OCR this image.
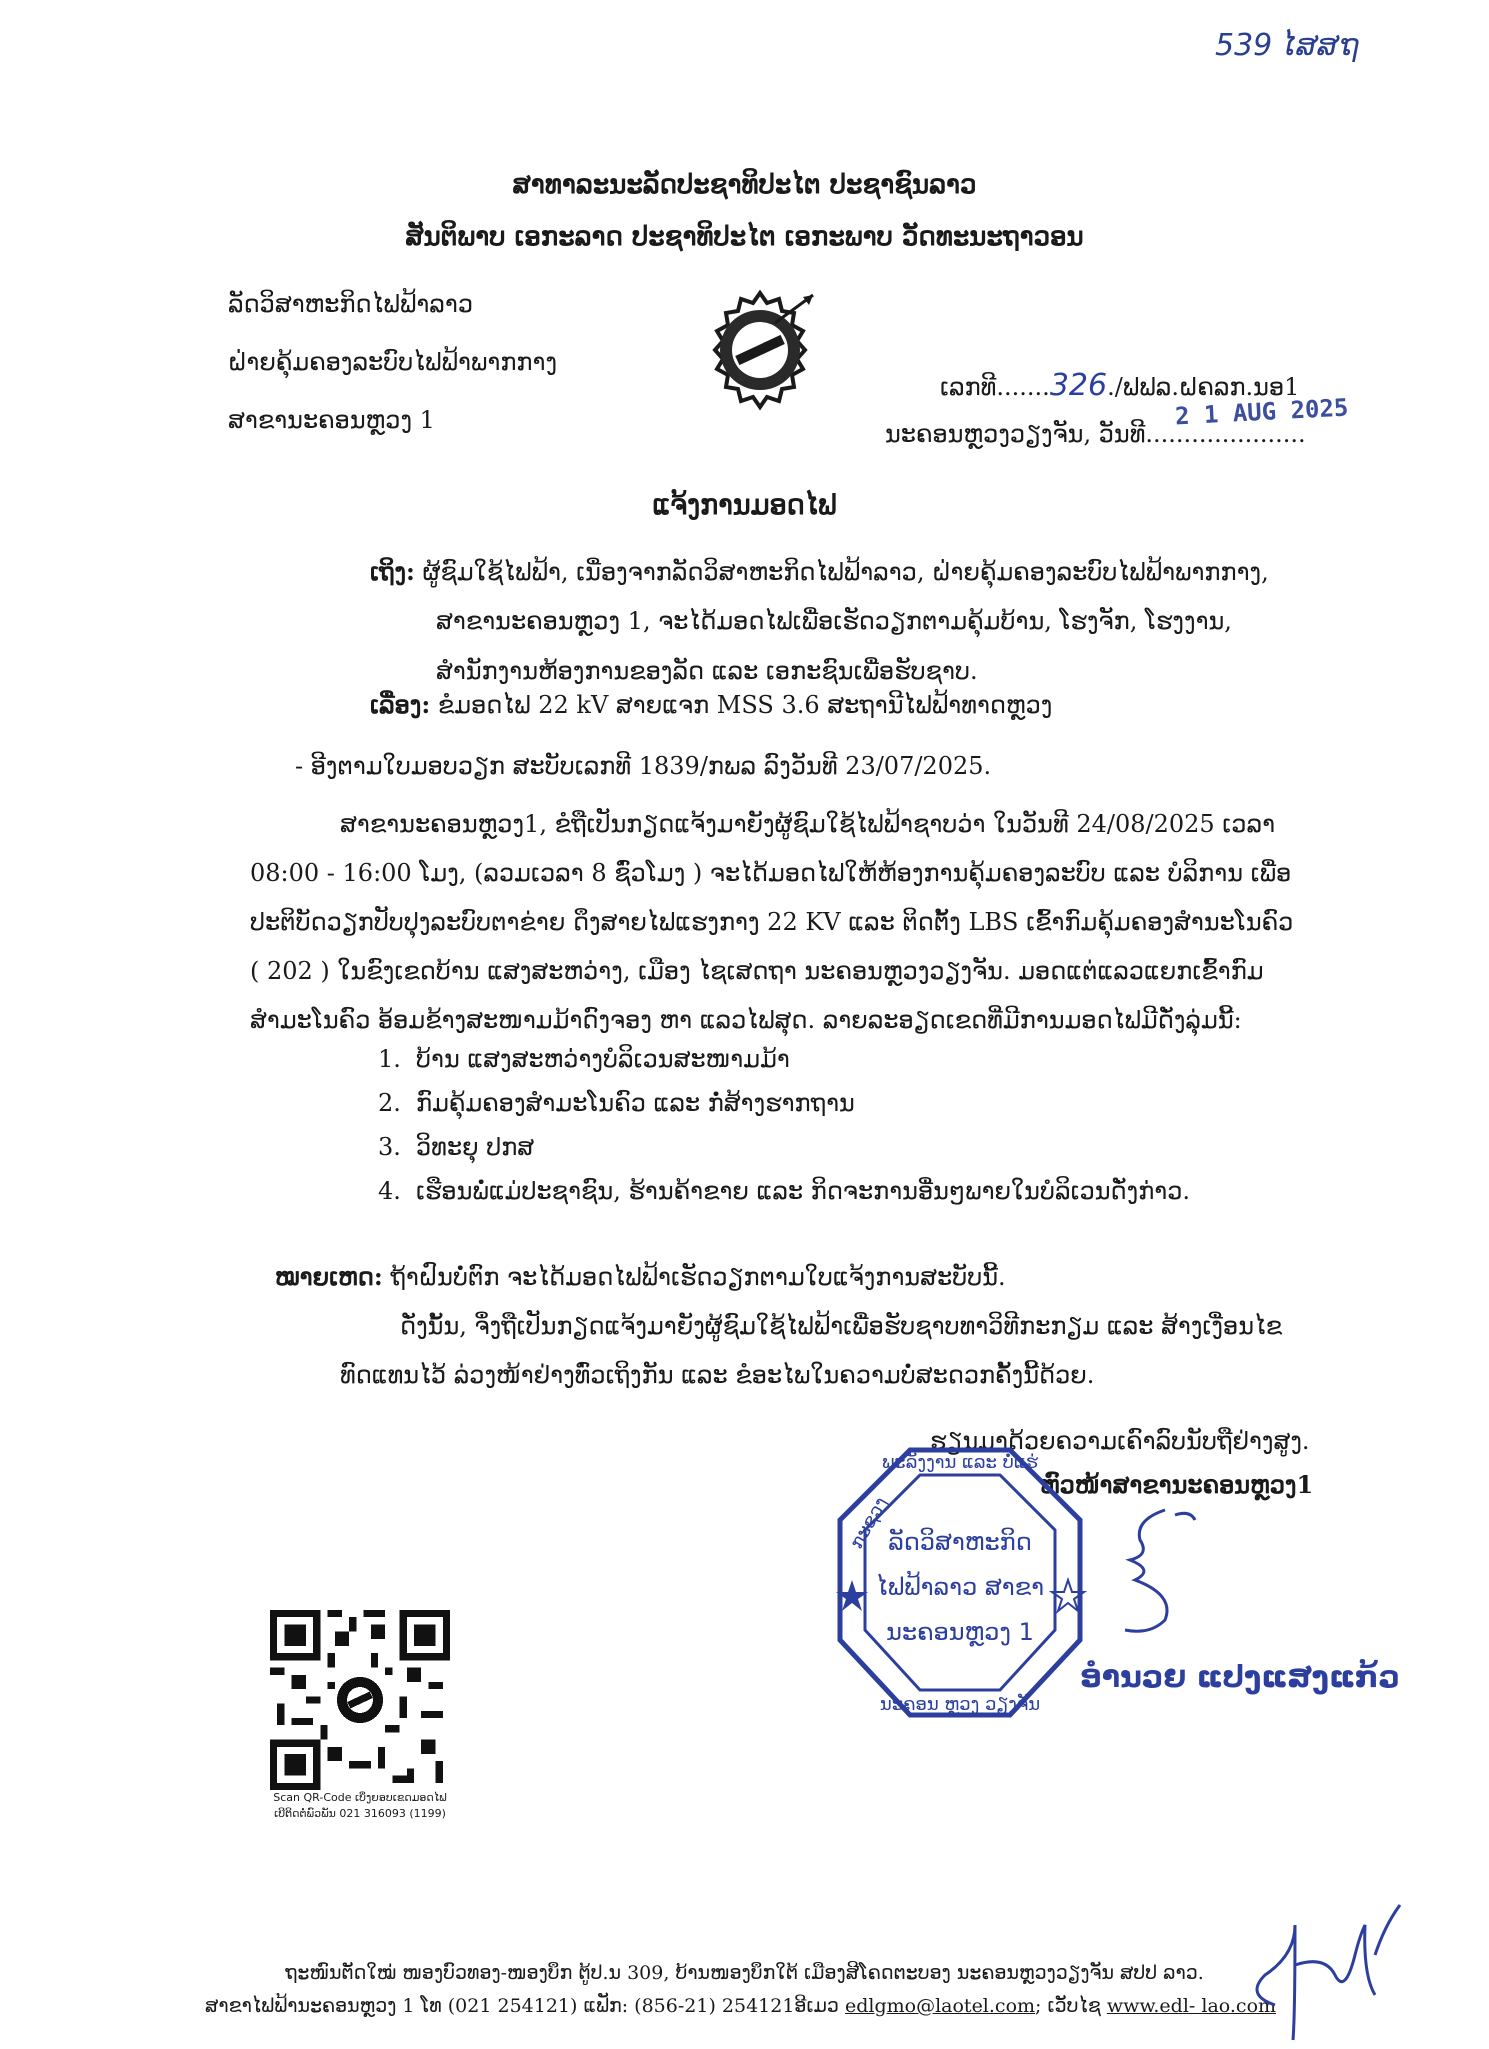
539 ໄສສຖ
ສາທາລະນະລັດປະຊາທິປະໄຕ ປະຊາຊົນລາວ
ສັນຕິພາບ ເອກະລາດ ປະຊາທິປະໄຕ ເອກະພາບ ວັດທະນະຖາວອນ
ລັດວິສາຫະກິດໄຟຟ້າລາວ
ຝ່າຍຄຸ້ມຄອງລະບົບໄຟຟ້າພາກກາງ
ສາຂານະຄອນຫຼວງ 1
ເລກທີ.......326./ຟຟລ.ຝຄລກ.ນອ1
ນະຄອນຫຼວງວຽງຈັນ, ວັນທີ.....................
2 1 AUG 2025
ແຈ້ງການມອດໄຟ
ເຖິງ: ຜູ້ຊົມໃຊ້ໄຟຟ້າ, ເນື່ອງຈາກລັດວິສາຫະກິດໄຟຟ້າລາວ, ຝ່າຍຄຸ້ມຄອງລະບົບໄຟຟ້າພາກກາງ,
ສາຂານະຄອນຫຼວງ 1, ຈະໄດ້ມອດໄຟເພື່ອເຮັດວຽກຕາມຄຸ້ມບ້ານ, ໂຮງຈັກ, ໂຮງງານ,
ສໍານັກງານຫ້ອງການຂອງລັດ ແລະ ເອກະຊົນເພື່ອຮັບຊາບ.
ເລື່ອງ: ຂໍມອດໄຟ 22 kV ສາຍແຈກ MSS 3.6 ສະຖານີໄຟຟ້າທາດຫຼວງ
- ອີງຕາມໃບມອບວຽກ ສະບັບເລກທີ 1839/ກພລ ລົງວັນທີ 23/07/2025.
ສາຂານະຄອນຫຼວງ1, ຂໍຖືເປັນກຽດແຈ້ງມາຍັງຜູ້ຊົມໃຊ້ໄຟຟ້າຊາບວ່າ ໃນວັນທີ 24/08/2025 ເວລາ
08:00 - 16:00 ໂມງ, (ລວມເວລາ 8 ຊົ່ວໂມງ ) ຈະໄດ້ມອດໄຟໃຫ້ຫ້ອງການຄຸ້ມຄອງລະບົບ ແລະ ບໍລິການ ເພື່ອ
ປະຕິບັດວຽກປັບປຸງລະບົບຕາຂ່າຍ ດຶງສາຍໄຟແຮງກາງ 22 KV ແລະ ຕິດຕັ້ງ LBS ເຂົ້າກົມຄຸ້ມຄອງສໍານະໂນຄົວ
( 202 ) ໃນຂົງເຂດບ້ານ ແສງສະຫວ່າງ, ເມືອງ ໄຊເສດຖາ ນະຄອນຫຼວງວຽງຈັນ. ມອດແຕ່ແລວແຍກເຂົ້າກົມ
ສໍາມະໂນຄົວ ອ້ອມຂ້າງສະໜາມມ້າດົງຈອງ ຫາ ແລວໄຟສຸດ. ລາຍລະອຽດເຂດທີ່ມີການມອດໄຟມີດັ່ງລຸ່ມນີ້:
1. ບ້ານ ແສງສະຫວ່າງບໍລິເວນສະໜາມມ້າ
2. ກົມຄຸ້ມຄອງສໍາມະໂນຄົວ ແລະ ກໍ່ສ້າງຮາກຖານ
3. ວິທະຍຸ ປກສ
4. ເຮືອນພໍ່ແມ່ປະຊາຊົນ, ຮ້ານຄ້າຂາຍ ແລະ ກິດຈະການອື່ນໆພາຍໃນບໍລິເວນດັ່ງກ່າວ.
ໝາຍເຫດ: ຖ້າຝົນບໍ່ຕົກ ຈະໄດ້ມອດໄຟຟ້າເຮັດວຽກຕາມໃບແຈ້ງການສະບັບນີ້.
ດັ່ງນັ້ນ, ຈຶ່ງຖືເປັນກຽດແຈ້ງມາຍັງຜູ້ຊົມໃຊ້ໄຟຟ້າເພື່ອຮັບຊາບທາວິທີກະກຽມ ແລະ ສ້າງເງື່ອນໄຂ
ທົດແທນໄວ້ ລ່ວງໜ້າຢ່າງທົ່ວເຖິງກັນ ແລະ ຂໍອະໄພໃນຄວາມບໍ່ສະດວກຄັ້ງນີ້ດ້ວຍ.
ຮຽນມາດ້ວຍຄວາມເຄົາລົບນັບຖືຢ່າງສູງ.
ຫົວໜ້າສາຂານະຄອນຫຼວງ1
ພະລັງງານ ແລະ ບໍ່ແຮ່
ກະຊວງ
ນະຄອນ ຫຼວງ ວຽງຈັນ
ລັດວິສາຫະກິດ
ໄຟຟ້າລາວ ສາຂາ
ນະຄອນຫຼວງ 1
ອໍານວຍ ແປງແສງແກ້ວ
Scan QR-Code ເບິ່ງຍອບເຂດມອດໄຟ
ເບີຕິດຕໍ່ພົວພັນ 021 316093 (1199)
ຖະໜົນຕັດໃໝ່ ໜອງບົວທອງ-ໜອງບຶກ ຕູ້ປ.ນ 309, ບ້ານໜອງບຶກໃຕ້ ເມືອງສີໂຄດຕະບອງ ນະຄອນຫຼວງວຽງຈັນ ສປປ ລາວ.
ສາຂາໄຟຟ້ານະຄອນຫຼວງ 1 ໂທ (021 254121) ແຟັກ: (856-21) 254121ອີເມວ edlgmo@laotel.com; ເວັບໄຊ www.edl- lao.com
